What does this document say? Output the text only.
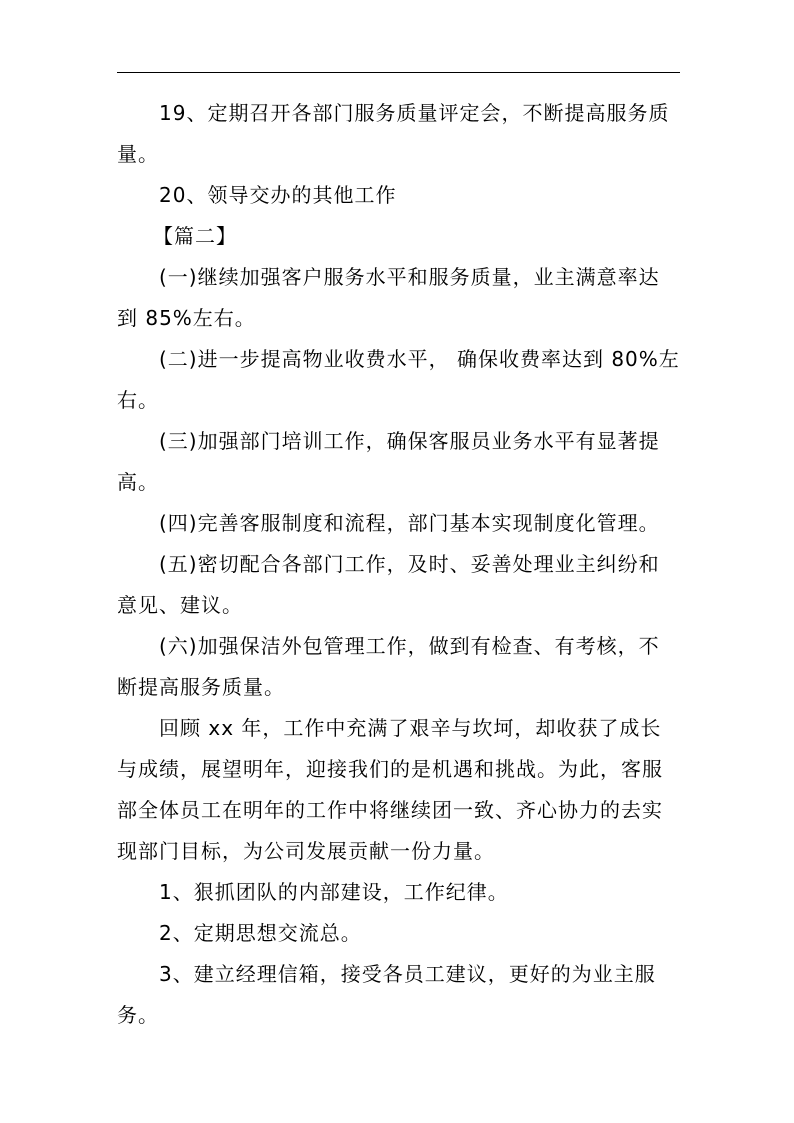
19、定期召开各部门服务质量评定会，不断提高服务质量。

20、领导交办的其他工作

【篇二】

(一)继续加强客户服务水平和服务质量，业主满意率达到 85%左右。

(二)进一步提高物业收费水平， 确保收费率达到 80%左右。

(三)加强部门培训工作，确保客服员业务水平有显著提高。

(四)完善客服制度和流程，部门基本实现制度化管理。

(五)密切配合各部门工作，及时、妥善处理业主纠纷和意见、建议。

(六)加强保洁外包管理工作，做到有检查、有考核，不断提高服务质量。

回顾 xx 年，工作中充满了艰辛与坎坷，却收获了成长与成绩，展望明年，迎接我们的是机遇和挑战。为此，客服部全体员工在明年的工作中将继续团一致、齐心协力的去实现部门目标，为公司发展贡献一份力量。

1、狠抓团队的内部建设，工作纪律。

2、定期思想交流总。

3、建立经理信箱，接受各员工建议，更好的为业主服务。
